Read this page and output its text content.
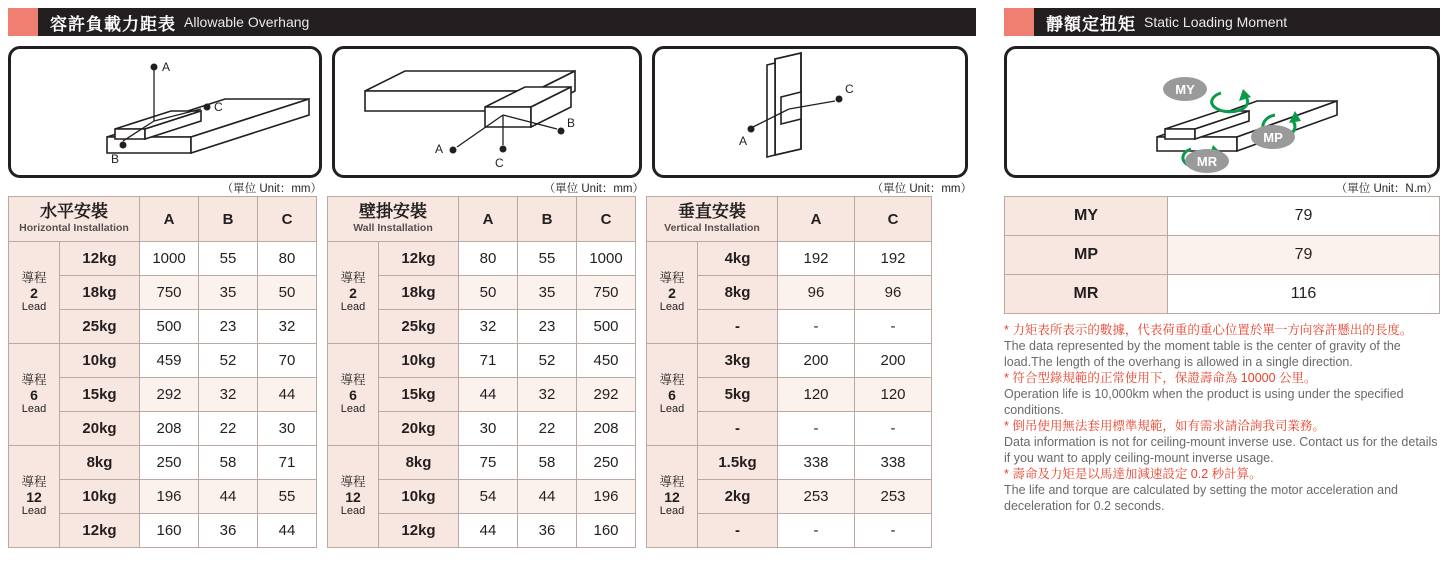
容許負載力距表 Allowable Overhang
A
B
C
A
C
B
A
C
（單位 Unit：mm）	（單位 Unit：mm）	（單位 Unit：mm）
水平安裝
Horizontal Installation		A	B	C

導程
2
Lead	12kg	1000	55	80
	18kg	750	35	50
	25kg	500	23	32

導程
6
Lead	10kg	459	52	70
	15kg	292	32	44
	20kg	208	22	30

導程
12
Lead	8kg	250	58	71
	10kg	196	44	55
	12kg	160	36	44
壁掛安裝
Wall Installation		A	B	C

導程
2
Lead	12kg	80	55	1000
	18kg	50	35	750
	25kg	32	23	500

導程
6
Lead	10kg	71	52	450
	15kg	44	32	292
	20kg	30	22	208

導程
12
Lead	8kg	75	58	250
	10kg	54	44	196
	12kg	44	36	160
垂直安裝
Vertical Installation		A	C

導程
2
Lead	4kg	192	192
	8kg	96	96
	-	-	-

導程
6
Lead	3kg	200	200
	5kg	120	120
	-	-	-

導程
12
Lead	1.5kg	338	338
	2kg	253	253
	-	-	-
靜額定扭矩 Static Loading Moment
MY
MP
MR
（單位 Unit：N.m）
MY	79
MP	79
MR	116
* 力矩表所表示的數據，代表荷重的重心位置於單一方向容許懸出的長度。
The data represented by the moment table is the center of gravity of the load.The length of the overhang is allowed in a single direction.
* 符合型錄規範的正常使用下，保證壽命為 10000 公里。
Operation life is 10,000km when the product is using under the specified conditions.
* 倒吊使用無法套用標準規範，如有需求請洽詢我司業務。
Data information is not for ceiling-mount inverse use. Contact us for the details if you want to apply ceiling-mount inverse usage.
* 壽命及力矩是以馬達加減速設定 0.2 秒計算。
The life and torque are calculated by setting the motor acceleration and deceleration for 0.2 seconds.
